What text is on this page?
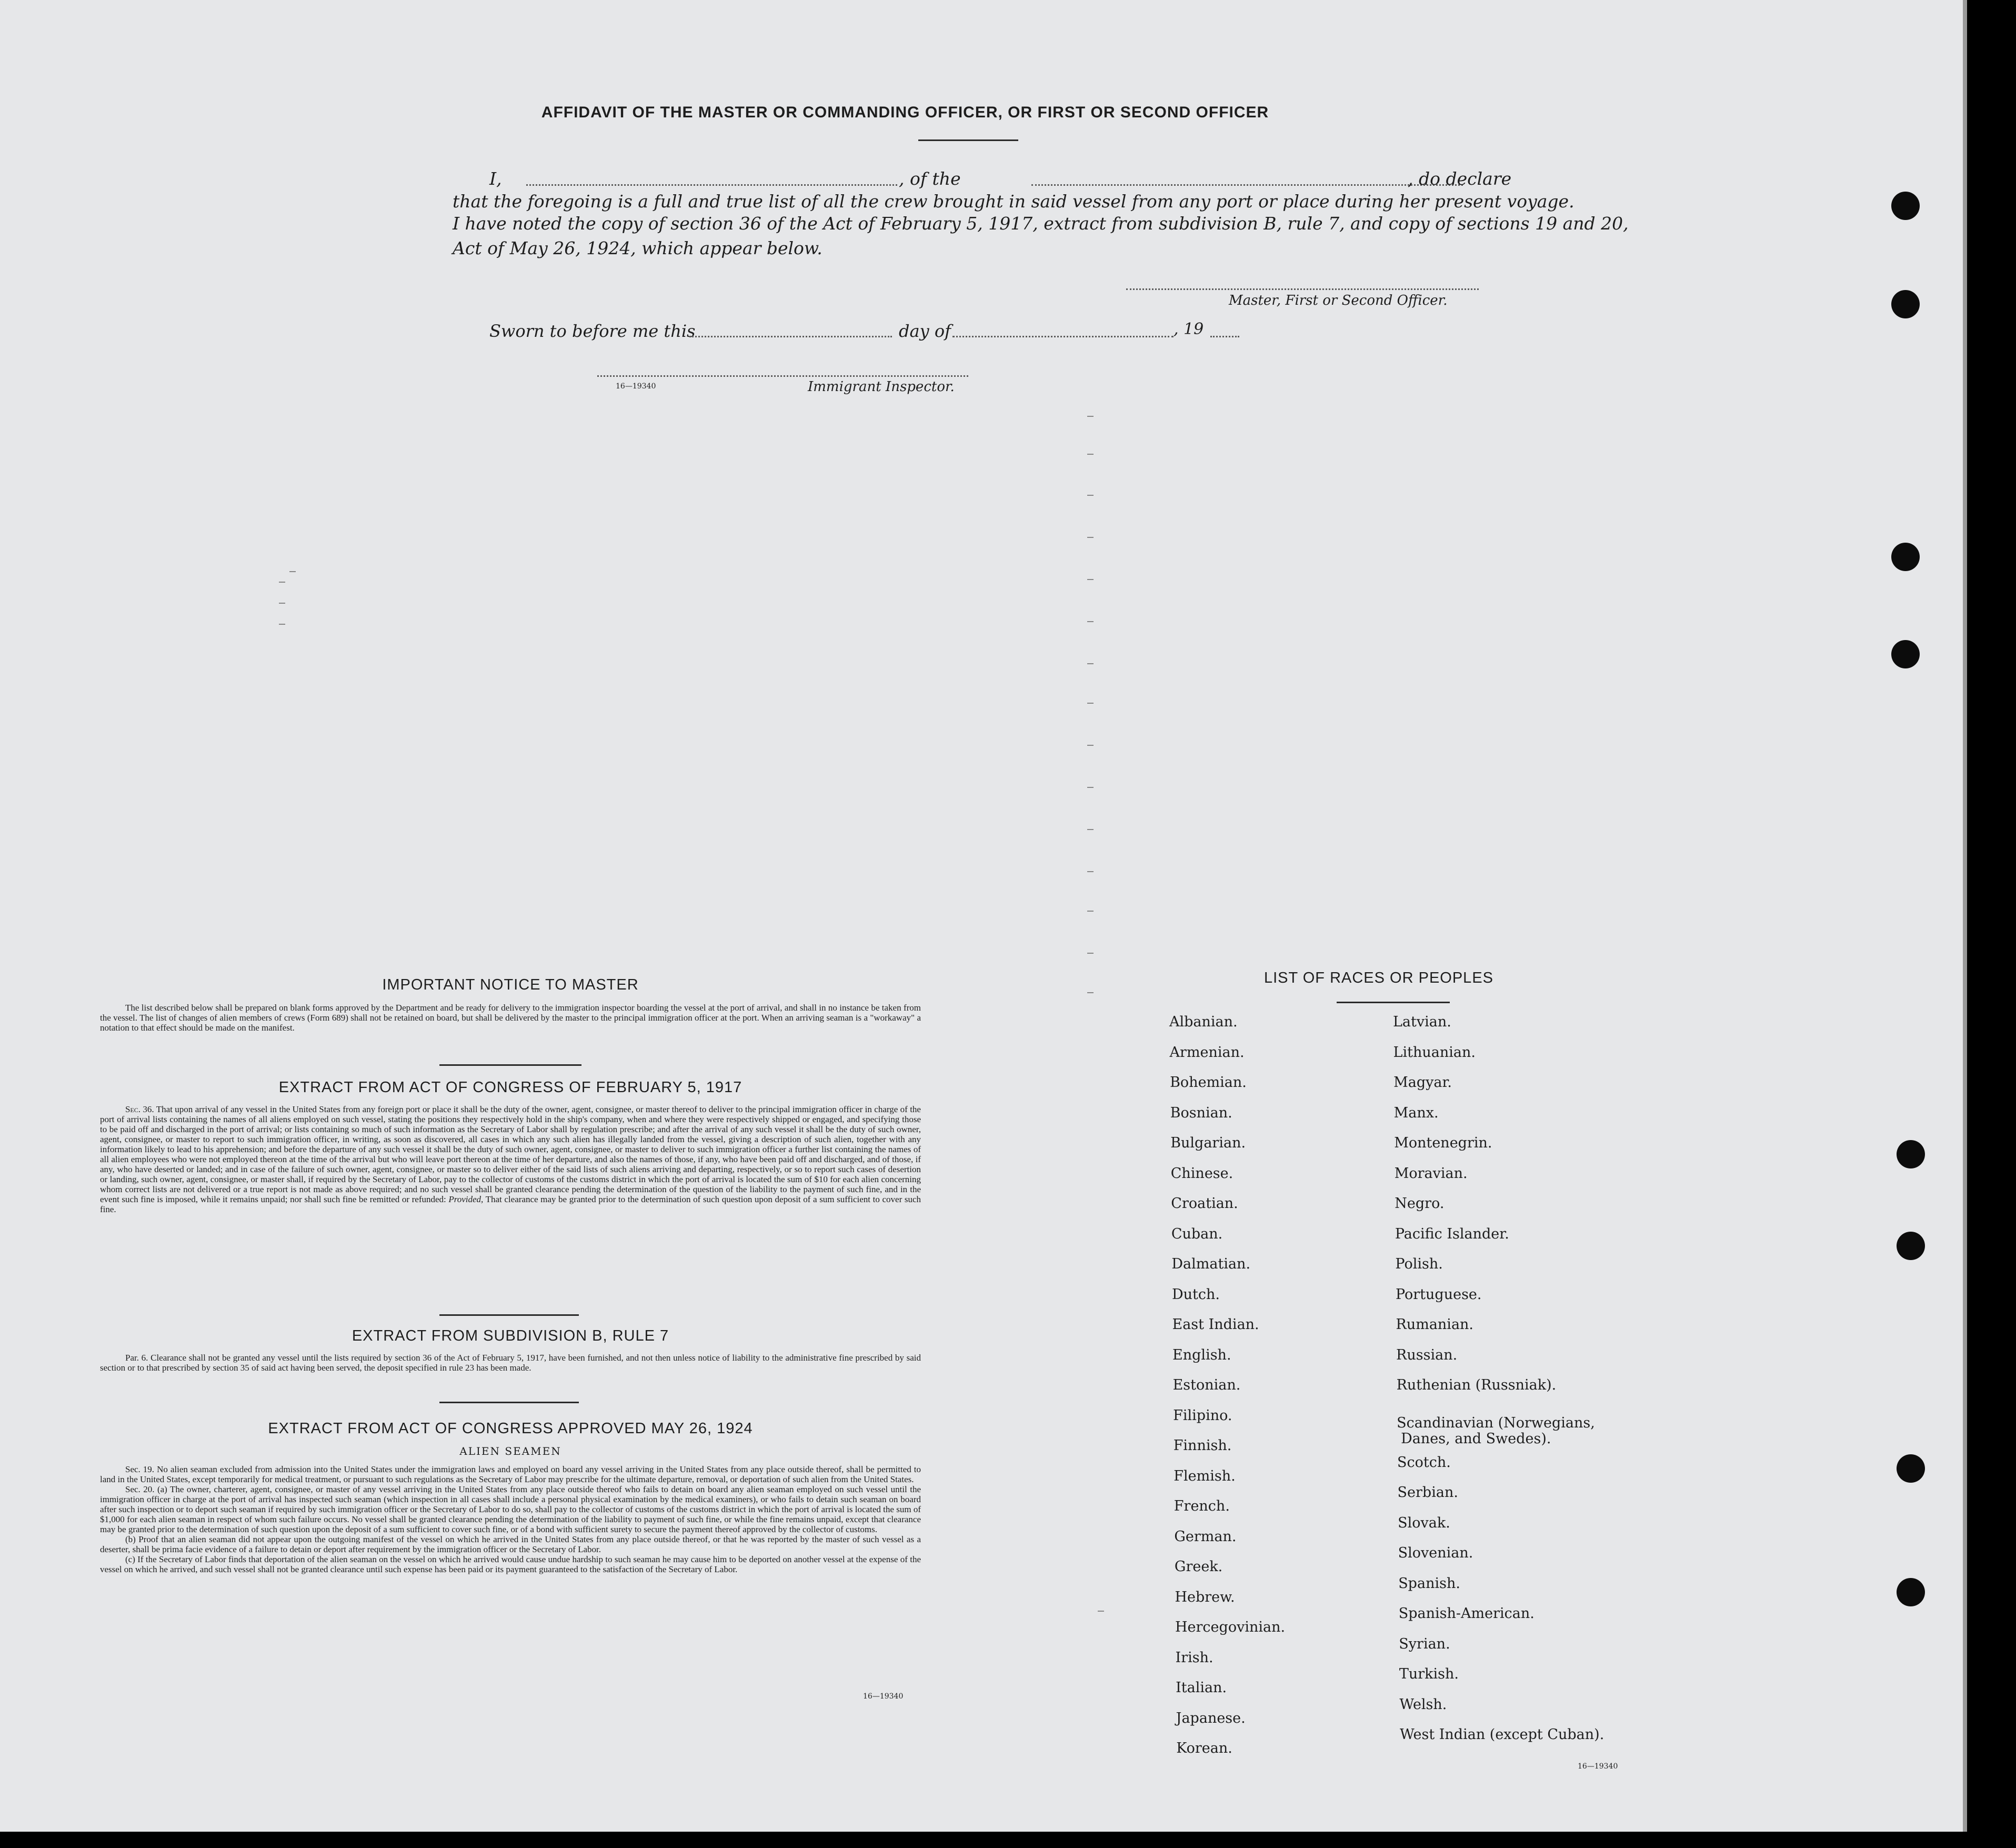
AFFIDAVIT OF THE MASTER OR COMMANDING OFFICER, OR FIRST OR SECOND OFFICER
I,	, of the	, do declare
that the foregoing is a full and true list of all the crew brought in said vessel from any port or place during her present voyage.
I have noted the copy of section 36 of the Act of February 5, 1917, extract from subdivision B, rule 7, and copy of sections 19 and 20,
Act of May 26, 1924, which appear below.
Master, First or Second Officer.
Sworn to before me this	day of	, 19
16—19340	Immigrant Inspector.
IMPORTANT NOTICE TO MASTER

The list described below shall be prepared on blank forms approved by the Department and be ready for delivery to the immigration inspector boarding the vessel at the port of arrival, and shall in no instance be taken from the vessel. The list of changes of alien members of crews (Form 689) shall not be retained on board, but shall be delivered by the master to the principal immigration officer at the port. When an arriving seaman is a "workaway" a notation to that effect should be made on the manifest.

EXTRACT FROM ACT OF CONGRESS OF FEBRUARY 5, 1917

Sec. 36. That upon arrival of any vessel in the United States from any foreign port or place it shall be the duty of the owner, agent, consignee, or master thereof to deliver to the principal immigration officer in charge of the port of arrival lists containing the names of all aliens employed on such vessel, stating the positions they respectively hold in the ship's company, when and where they were respectively shipped or engaged, and specifying those to be paid off and discharged in the port of arrival; or lists containing so much of such information as the Secretary of Labor shall by regulation prescribe; and after the arrival of any such vessel it shall be the duty of such owner, agent, consignee, or master to report to such immigration officer, in writing, as soon as discovered, all cases in which any such alien has illegally landed from the vessel, giving a description of such alien, together with any information likely to lead to his apprehension; and before the departure of any such vessel it shall be the duty of such owner, agent, consignee, or master to deliver to such immigration officer a further list containing the names of all alien employees who were not employed thereon at the time of the arrival but who will leave port thereon at the time of her departure, and also the names of those, if any, who have been paid off and discharged, and of those, if any, who have deserted or landed; and in case of the failure of such owner, agent, consignee, or master so to deliver either of the said lists of such aliens arriving and departing, respectively, or so to report such cases of desertion or landing, such owner, agent, consignee, or master shall, if required by the Secretary of Labor, pay to the collector of customs of the customs district in which the port of arrival is located the sum of $10 for each alien concerning whom correct lists are not delivered or a true report is not made as above required; and no such vessel shall be granted clearance pending the determination of the question of the liability to the payment of such fine, and in the event such fine is imposed, while it remains unpaid; nor shall such fine be remitted or refunded: Provided, That clearance may be granted prior to the determination of such question upon deposit of a sum sufficient to cover such fine.

EXTRACT FROM SUBDIVISION B, RULE 7

Par. 6. Clearance shall not be granted any vessel until the lists required by section 36 of the Act of February 5, 1917, have been furnished, and not then unless notice of liability to the administrative fine prescribed by said section or to that prescribed by section 35 of said act having been served, the deposit specified in rule 23 has been made.

EXTRACT FROM ACT OF CONGRESS APPROVED MAY 26, 1924
ALIEN SEAMEN

Sec. 19. No alien seaman excluded from admission into the United States under the immigration laws and employed on board any vessel arriving in the United States from any place outside thereof, shall be permitted to land in the United States, except temporarily for medical treatment, or pursuant to such regulations as the Secretary of Labor may prescribe for the ultimate departure, removal, or deportation of such alien from the United States.

Sec. 20. (a) The owner, charterer, agent, consignee, or master of any vessel arriving in the United States from any place outside thereof who fails to detain on board any alien seaman employed on such vessel until the immigration officer in charge at the port of arrival has inspected such seaman (which inspection in all cases shall include a personal physical examination by the medical examiners), or who fails to detain such seaman on board after such inspection or to deport such seaman if required by such immigration officer or the Secretary of Labor to do so, shall pay to the collector of customs of the customs district in which the port of arrival is located the sum of $1,000 for each alien seaman in respect of whom such failure occurs. No vessel shall be granted clearance pending the determination of the liability to payment of such fine, or while the fine remains unpaid, except that clearance may be granted prior to the determination of such question upon the deposit of a sum sufficient to cover such fine, or of a bond with sufficient surety to secure the payment thereof approved by the collector of customs.

(b) Proof that an alien seaman did not appear upon the outgoing manifest of the vessel on which he arrived in the United States from any place outside thereof, or that he was reported by the master of such vessel as a deserter, shall be prima facie evidence of a failure to detain or deport after requirement by the immigration officer or the Secretary of Labor.

(c) If the Secretary of Labor finds that deportation of the alien seaman on the vessel on which he arrived would cause undue hardship to such seaman he may cause him to be deported on another vessel at the expense of the vessel on which he arrived, and such vessel shall not be granted clearance until such expense has been paid or its payment guaranteed to the satisfaction of the Secretary of Labor.

16—19340
LIST OF RACES OR PEOPLES
Albanian.
Armenian.
Bohemian.
Bosnian.
Bulgarian.
Chinese.
Croatian.
Cuban.
Dalmatian.
Dutch.
East Indian.
English.
Estonian.
Filipino.
Finnish.
Flemish.
French.
German.
Greek.
Hebrew.
Hercegovinian.
Irish.
Italian.
Japanese.
Korean.
Latvian.
Lithuanian.
Magyar.
Manx.
Montenegrin.
Moravian.
Negro.
Pacific Islander.
Polish.
Portuguese.
Rumanian.
Russian.
Ruthenian (Russniak).
Scandinavian (Norwegians,
Danes, and Swedes).
Scotch.
Serbian.
Slovak.
Slovenian.
Spanish.
Spanish-American.
Syrian.
Turkish.
Welsh.
West Indian (except Cuban).
16—19340
